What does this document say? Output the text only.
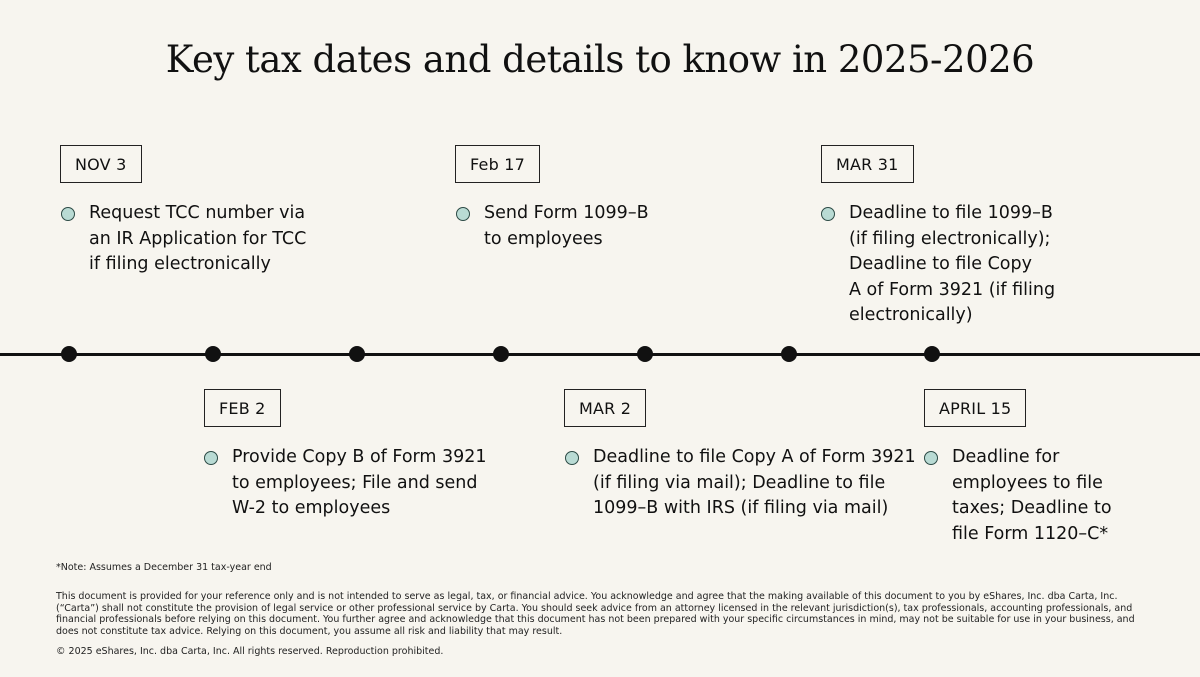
Key tax dates and details to know in 2025-2026
NOV 3

Request TCC number via
an IR Application for TCC
if filing electronically

FEB 2

Provide Copy B of Form 3921
to employees; File and send
W-2 to employees

Feb 17

Send Form 1099–B
to employees

MAR 2

Deadline to file Copy A of Form 3921
(if filing via mail); Deadline to file
1099–B with IRS (if filing via mail)

MAR 31

Deadline to file 1099–B
(if filing electronically);
Deadline to file Copy
A of Form 3921 (if filing
electronically)

APRIL 15

Deadline for
employees to file
taxes; Deadline to
file Form 1120–C*

*Note: Assumes a December 31 tax-year end

This document is provided for your reference only and is not intended to serve as legal, tax, or financial advice. You acknowledge and agree that the making available of this document to you by eShares, Inc. dba Carta, Inc. (“Carta”) shall not constitute the provision of legal service or other professional service by Carta. You should seek advice from an attorney licensed in the relevant jurisdiction(s), tax professionals, accounting professionals, and financial professionals before relying on this document. You further agree and acknowledge that this document has not been prepared with your specific circumstances in mind, may not be suitable for use in your business, and does not constitute tax advice. Relying on this document, you assume all risk and liability that may result.

© 2025 eShares, Inc. dba Carta, Inc. All rights reserved. Reproduction prohibited.
